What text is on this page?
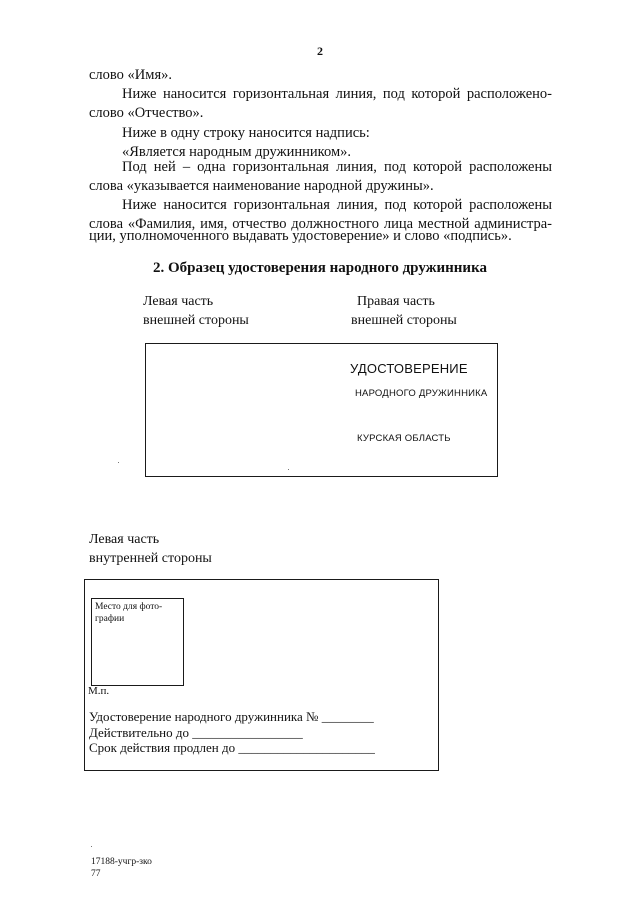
2
слово «Имя».
Ниже наносится горизонтальная линия, под которой расположено-
слово «Отчество».
Ниже в одну строку наносится надпись:
«Является народным дружинником».
Под ней – одна горизонтальная линия, под которой расположены
слова «указывается наименование народной дружины».
Ниже наносится горизонтальная линия, под которой расположены
слова «Фамилия, имя, отчество должностного лица местной администра-
ции, уполномоченного выдавать удостоверение» и слово «подпись».
2. Образец удостоверения народного дружинника
Левая часть
внешней стороны
Правая часть
внешней стороны
УДОСТОВЕРЕНИЕ
НАРОДНОГО ДРУЖИННИКА
КУРСКАЯ ОБЛАСТЬ
Левая часть
внутренней стороны
Место для фото-
графии
М.п.
Удостоверение народного дружинника № ________
Действительно до _________________
Срок действия продлен до _____________________
17188-учгр-зко
77
